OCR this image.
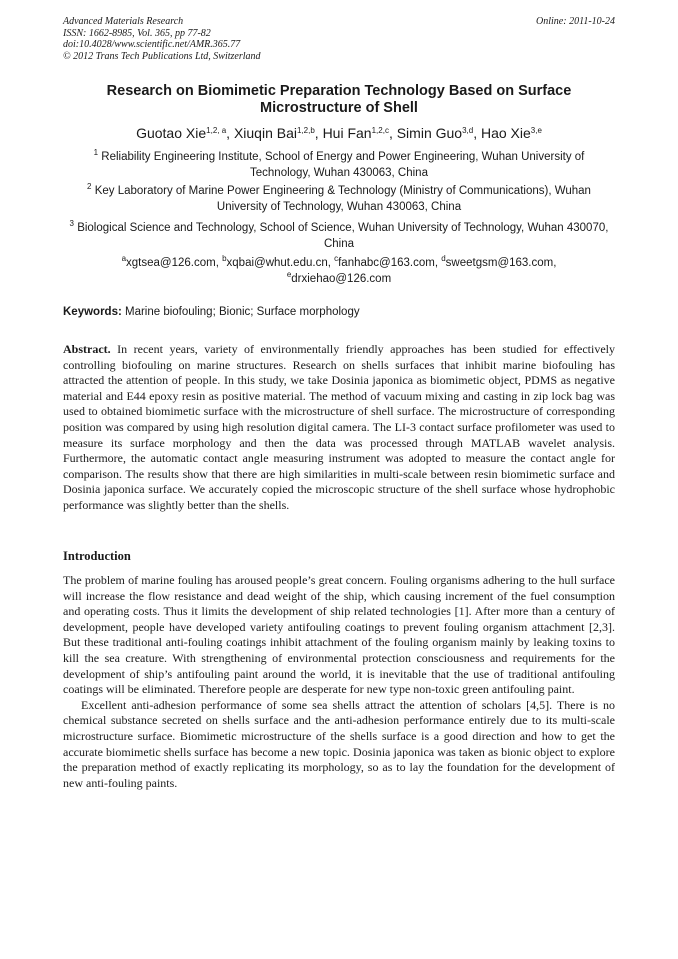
Advanced Materials Research
ISSN: 1662-8985, Vol. 365, pp 77-82
doi:10.4028/www.scientific.net/AMR.365.77
© 2012 Trans Tech Publications Ltd, Switzerland
Online: 2011-10-24
Research on Biomimetic Preparation Technology Based on Surface Microstructure of Shell
Guotao Xie$^{1,2, a}$, Xiuqin Bai$^{1,2,b}$, Hui Fan$^{1,2,c}$, Simin Guo$^{3,d}$, Hao Xie$^{3,e}$
$^1$ Reliability Engineering Institute, School of Energy and Power Engineering, Wuhan University of Technology, Wuhan 430063, China
$^2$ Key Laboratory of Marine Power Engineering & Technology (Ministry of Communications), Wuhan University of Technology, Wuhan 430063, China
$^3$ Biological Science and Technology, School of Science, Wuhan University of Technology, Wuhan 430070, China
$^a$xgtsea@126.com, $^b$xqbai@whut.edu.cn, $^c$fanhabc@163.com, $^d$sweetgsm@163.com,
$^e$drxiehao@126.com
Keywords: Marine biofouling; Bionic; Surface morphology

Abstract. In recent years, variety of environmentally friendly approaches has been studied for effectively controlling biofouling on marine structures. Research on shells surfaces that inhibit marine biofouling has attracted the attention of people. In this study, we take Dosinia japonica as biomimetic object, PDMS as negative material and E44 epoxy resin as positive material. The method of vacuum mixing and casting in zip lock bag was used to obtained biomimetic surface with the microstructure of shell surface. The microstructure of corresponding position was compared by using high resolution digital camera. The LI-3 contact surface profilometer was used to measure its surface morphology and then the data was processed through MATLAB wavelet analysis. Furthermore, the automatic contact angle measuring instrument was adopted to measure the contact angle for comparison. The results show that there are high similarities in multi-scale between resin biomimetic surface and Dosinia japonica surface. We accurately copied the microscopic structure of the shell surface whose hydrophobic performance was slightly better than the shells.

Introduction

The problem of marine fouling has aroused people’s great concern. Fouling organisms adhering to the hull surface will increase the flow resistance and dead weight of the ship, which causing increment of the fuel consumption and operating costs. Thus it limits the development of ship related technologies [1]. After more than a century of development, people have developed variety antifouling coatings to prevent fouling organism attachment [2,3]. But these traditional anti-fouling coatings inhibit attachment of the fouling organism mainly by leaking toxins to kill the sea creature. With strengthening of environmental protection consciousness and requirements for the development of ship’s antifouling paint around the world, it is inevitable that the use of traditional antifouling coatings will be eliminated. Therefore people are desperate for new type non-toxic green antifouling paint.

Excellent anti-adhesion performance of some sea shells attract the attention of scholars [4,5]. There is no chemical substance secreted on shells surface and the anti-adhesion performance entirely due to its multi-scale microstructure surface. Biomimetic microstructure of the shells surface is a good direction and how to get the accurate biomimetic shells surface has become a new topic. Dosinia japonica was taken as bionic object to explore the preparation method of exactly replicating its morphology, so as to lay the foundation for the development of new anti-fouling paints.
